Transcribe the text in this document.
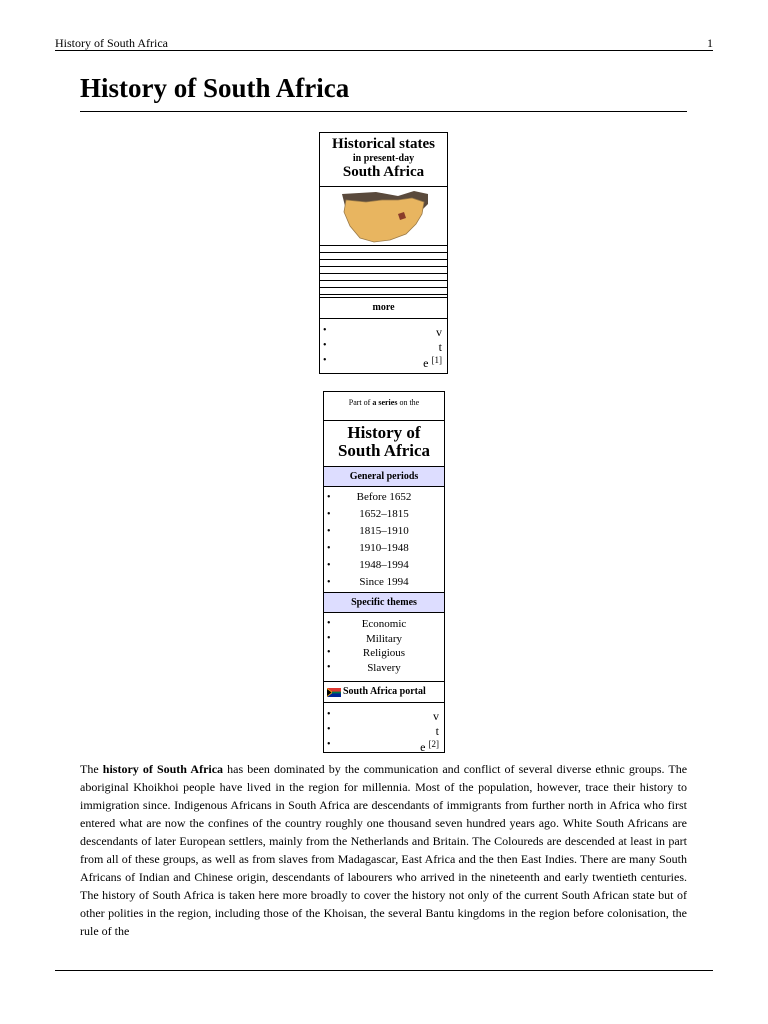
History of South Africa	1
History of South Africa
Historical states
in present-day
South Africa
more
•	v
•	t
•	e [1]
Part of a series on the
History of
South Africa
General periods
• Before 1652
•	1652–1815
•	1815–1910
•	1910–1948
•	1948–1994
•	Since 1994
Specific themes
•	Economic
•	Military
•	Religious
•	Slavery
South Africa portal
•	v
•	t
•	e [2]

The history of South Africa has been dominated by the communication and conflict of several diverse ethnic groups. The aboriginal Khoikhoi people have lived in the region for millennia. Most of the population, however, trace their history to immigration since. Indigenous Africans in South Africa are descendants of immigrants from further north in Africa who first entered what are now the confines of the country roughly one thousand seven hundred years ago. White South Africans are descendants of later European settlers, mainly from the Netherlands and Britain. The Coloureds are descended at least in part from all of these groups, as well as from slaves from Madagascar, East Africa and the then East Indies. There are many South Africans of Indian and Chinese origin, descendants of labourers who arrived in the nineteenth and early twentieth centuries. The history of South Africa is taken here more broadly to cover the history not only of the current South African state but of other polities in the region, including those of the Khoisan, the several Bantu kingdoms in the region before colonisation, the rule of the
